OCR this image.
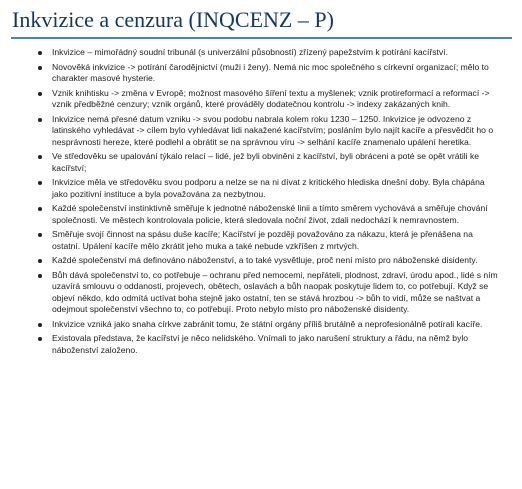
Inkvizice a cenzura (INQCENZ – P)
Inkvizice – mimořádný soudní tribunál (s univerzální působností) zřízený papežstvím k potírání kacířství.
Novověká inkvizice -> potírání čarodějnictví (muži i ženy). Nemá nic moc společného s církevní organizací; mělo to charakter masové hysterie.
Vznik knihtisku -> změna v Evropě; možnost masového šíření textu a myšlenek; vznik protireformací a reformací -> vznik předběžné cenzury; vznik orgánů, které prováděly dodatečnou kontrolu -> indexy zakázaných knih.
Inkvizice nemá přesné datum vzniku -> svou podobu nabrala kolem roku 1230 – 1250. Inkvizice je odvozeno z latinského vyhledávat -> cílem bylo vyhledávat lidi nakažené kacířstvím; posláním bylo najít kacíře a přesvědčit ho o nesprávnosti hereze, které podlehl a obrátit se na správnou víru -> selhání kacíře znamenalo upálení heretika.
Ve středověku se upalování týkalo relací – lidé, jež byli obviněni z kacířství, byli obráceni a poté se opět vrátili ke kacířství;
Inkvizice měla ve středověku svou podporu a nelze se na ni dívat z kritického hlediska dnešní doby. Byla chápána jako pozitivní instituce a byla považována za nezbytnou.
Každé společenství instinktivně směřuje k jednotné náboženské linii a tímto směrem vychovává a směřuje chování společnosti. Ve městech kontrolovala policie, která sledovala noční život, zdali nedochází k nemravnostem.
Směřuje svojí činnost na spásu duše kacíře; Kacířství je později považováno za nákazu, která je přenášena na ostatní. Upálení kacíře mělo zkrátit jeho muka a také nebude vzkříšen z mrtvých.
Každé společenství má definováno náboženství, a to také vysvětluje, proč není místo pro náboženské disidenty.
Bůh dává společenství to, co potřebuje – ochranu před nemocemi, nepřáteli, plodnost, zdraví, úrodu apod., lidé s ním uzavírá smlouvu o oddanosti, projevech, obětech, oslavách a bůh naopak poskytuje lidem to, co potřebují. Když se objeví někdo, kdo odmítá uctívat boha stejně jako ostatní, ten se stává hrozbou -> bůh to vidí, může se naštvat a odejmout společenství všechno to, co potřebují. Proto nebylo místo pro náboženské disidenty.
Inkvizice vzniká jako snaha církve zabránit tomu, že státní orgány příliš brutálně a neprofesionálně potírali kacíře.
Existovala představa, že kacířství je něco nelidského. Vnímali to jako narušení struktury a řádu, na němž bylo náboženství založeno.
